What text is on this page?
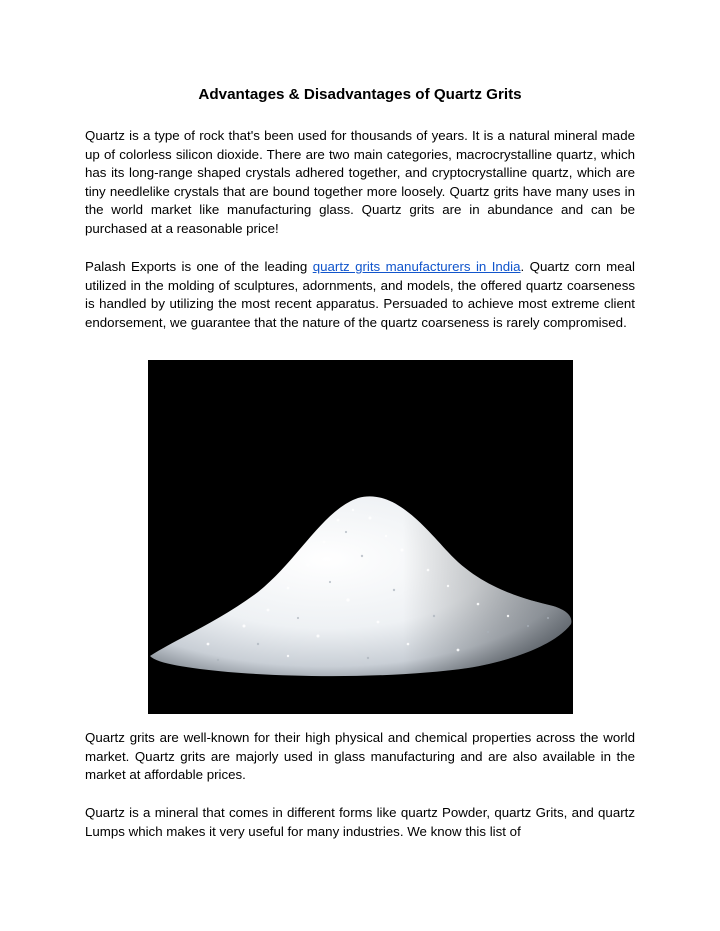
Advantages & Disadvantages of Quartz Grits

Quartz is a type of rock that's been used for thousands of years. It is a natural mineral made up of colorless silicon dioxide. There are two main categories, macrocrystalline quartz, which has its long-range shaped crystals adhered together, and cryptocrystalline quartz, which are tiny needlelike crystals that are bound together more loosely. Quartz grits have many uses in the world market like manufacturing glass. Quartz grits are in abundance and can be purchased at a reasonable price!

Palash Exports is one of the leading quartz grits manufacturers in India. Quartz corn meal utilized in the molding of sculptures, adornments, and models, the offered quartz coarseness is handled by utilizing the most recent apparatus. Persuaded to achieve most extreme client endorsement, we guarantee that the nature of the quartz coarseness is rarely compromised.

Quartz grits are well-known for their high physical and chemical properties across the world market. Quartz grits are majorly used in glass manufacturing and are also available in the market at affordable prices.

Quartz is a mineral that comes in different forms like quartz Powder, quartz Grits, and quartz Lumps which makes it very useful for many industries. We know this list of
